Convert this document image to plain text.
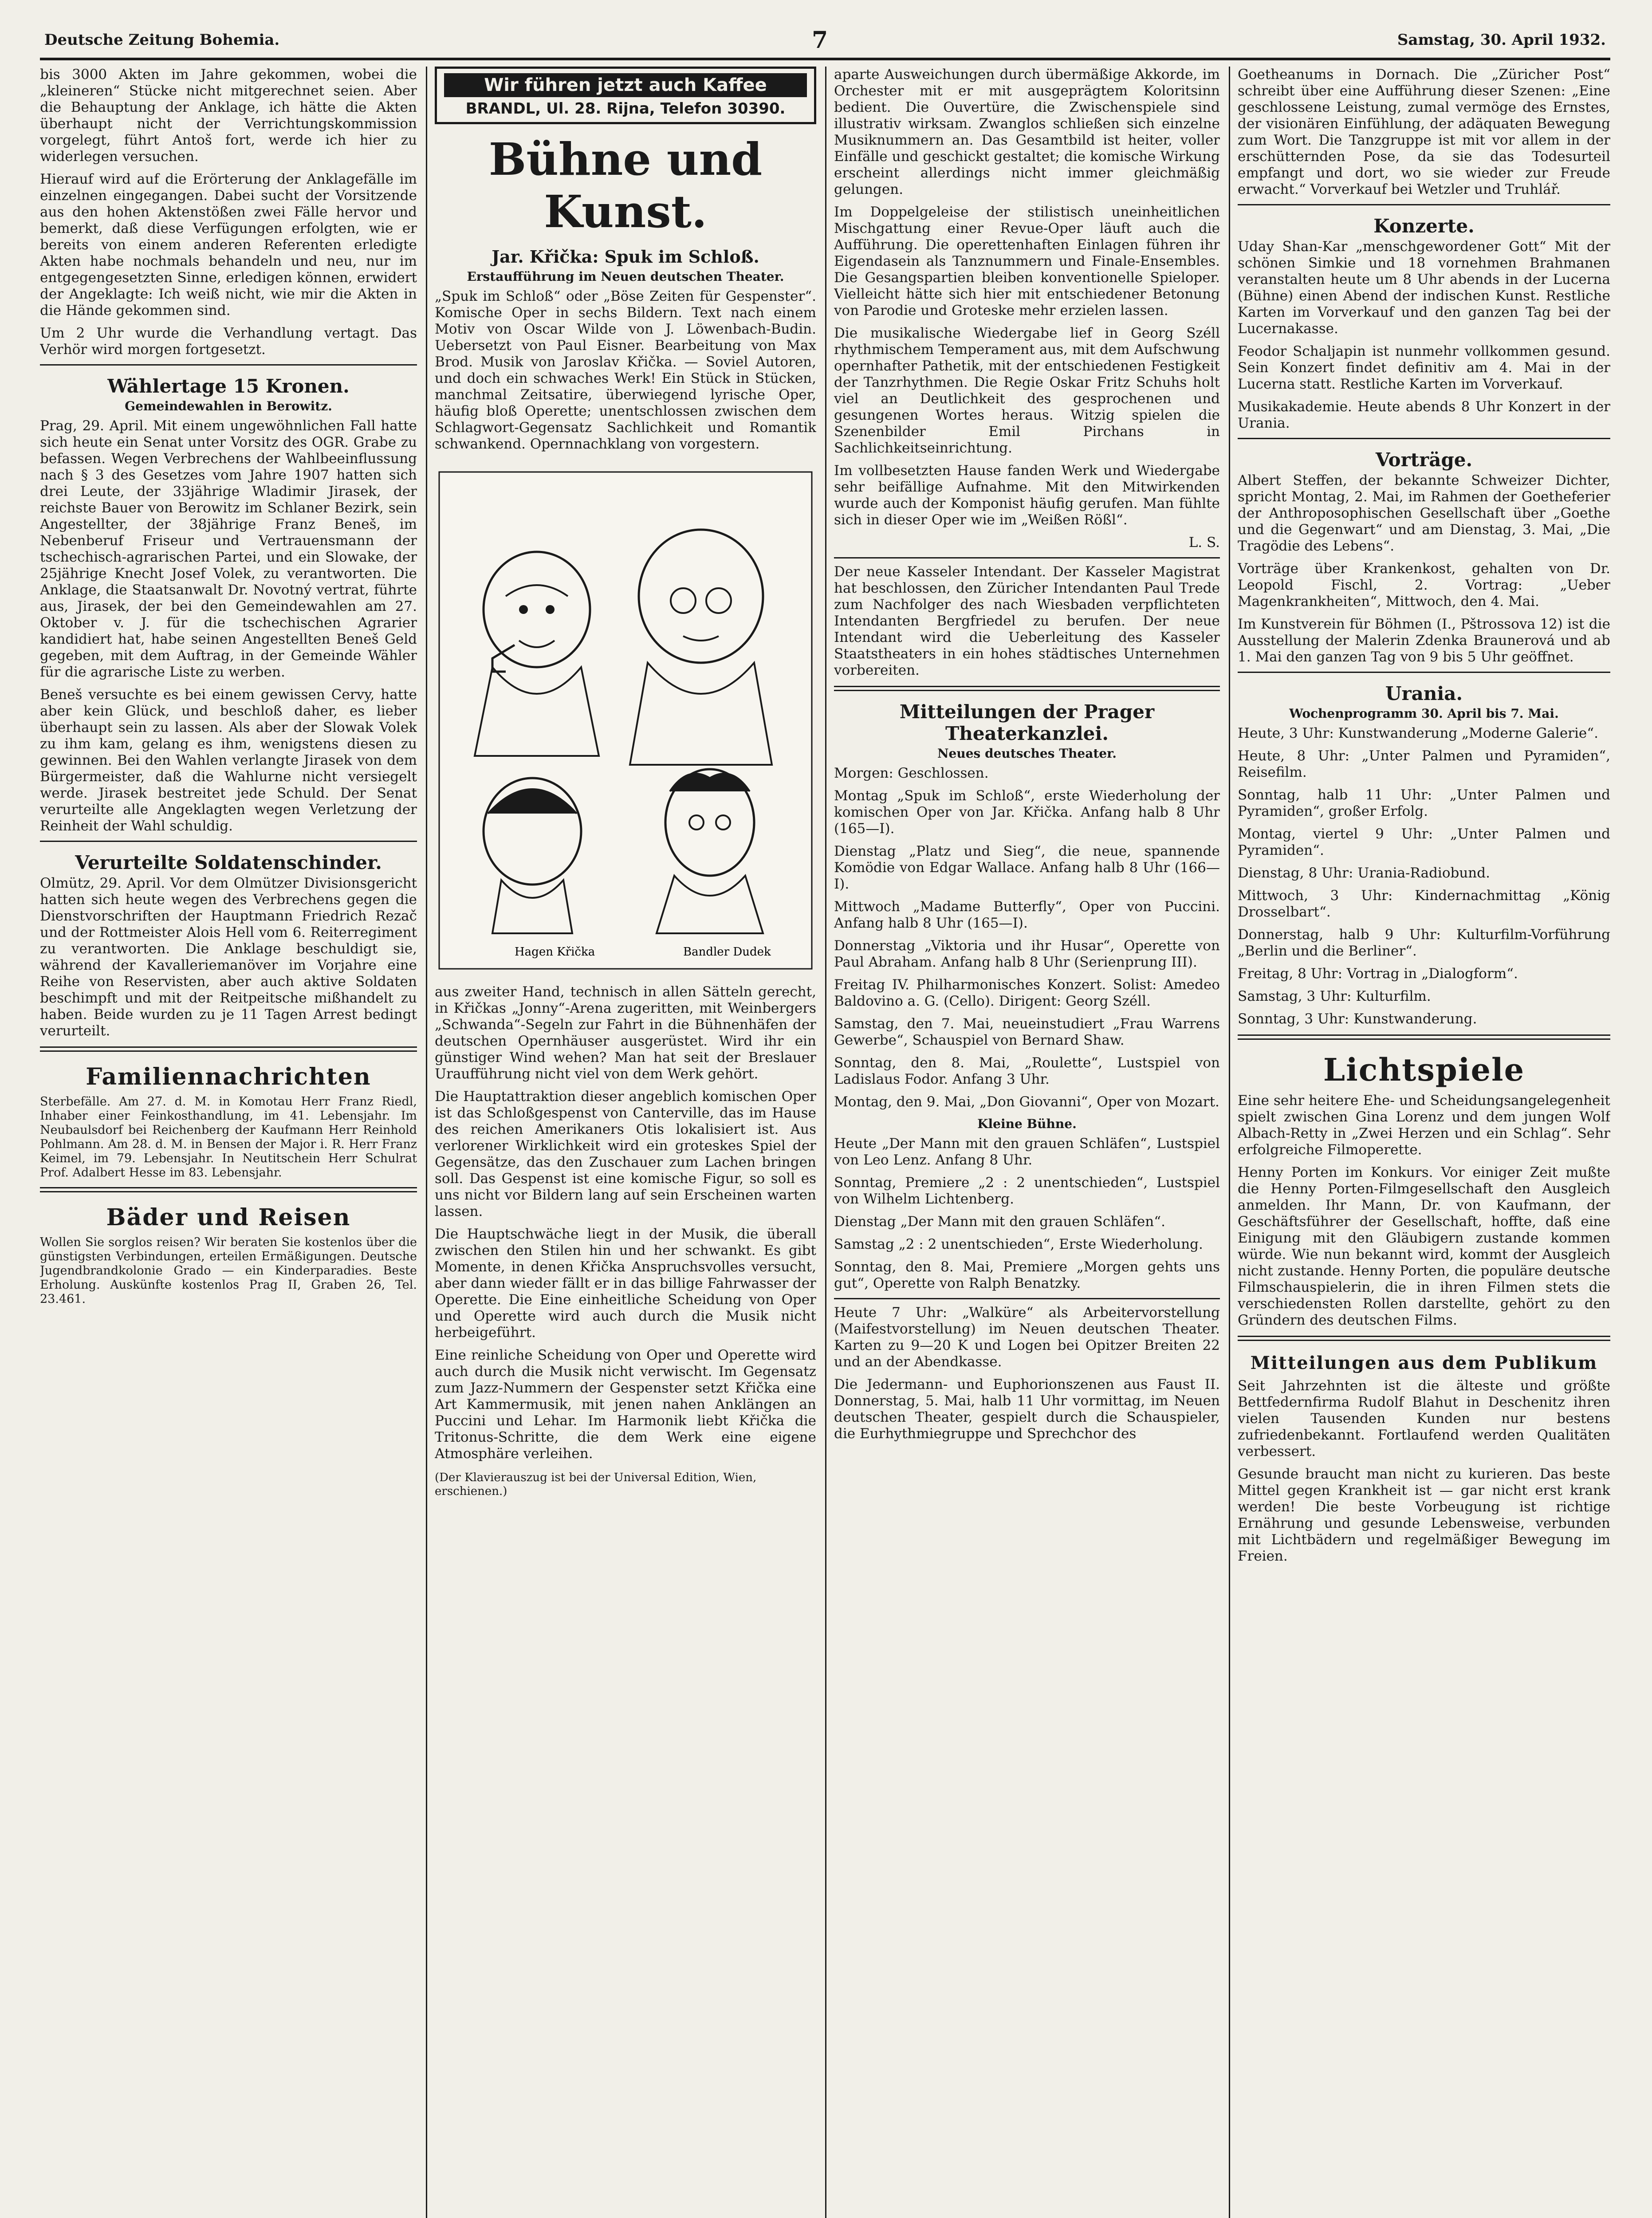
Deutsche Zeitung Bohemia.	7	Samstag, 30. April 1932.

bis 3000 Akten im Jahre gekommen, wobei die „kleineren“ Stücke nicht mitgerechnet seien. Aber die Behauptung der Anklage, ich hätte die Akten überhaupt nicht der Verrichtungskommission vorgelegt, führt Antoš fort, werde ich hier zu widerlegen versuchen.

Hierauf wird auf die Erörterung der Anklagefälle im einzelnen eingegangen. Dabei sucht der Vorsitzende aus den hohen Aktenstößen zwei Fälle hervor und bemerkt, daß diese Verfügungen erfolgten, wie er bereits von einem anderen Referenten erledigte Akten habe nochmals behandeln und neu, nur im entgegengesetzten Sinne, erledigen können, erwidert der Angeklagte: Ich weiß nicht, wie mir die Akten in die Hände gekommen sind.

Um 2 Uhr wurde die Verhandlung vertagt. Das Verhör wird morgen fortgesetzt.

Wählertage 15 Kronen.
Gemeindewahlen in Berowitz.

Prag, 29. April. Mit einem ungewöhnlichen Fall hatte sich heute ein Senat unter Vorsitz des OGR. Grabe zu befassen. Wegen Verbrechens der Wahlbeeinflussung nach § 3 des Gesetzes vom Jahre 1907 hatten sich drei Leute, der 33jährige Wladimir Jirasek, der reichste Bauer von Berowitz im Schlaner Bezirk, sein Angestellter, der 38jährige Franz Beneš, im Nebenberuf Friseur und Vertrauensmann der tschechisch-agrarischen Partei, und ein Slowake, der 25jährige Knecht Josef Volek, zu verantworten. Die Anklage, die Staatsanwalt Dr. Novotný vertrat, führte aus, Jirasek, der bei den Gemeindewahlen am 27. Oktober v. J. für die tschechischen Agrarier kandidiert hat, habe seinen Angestellten Beneš Geld gegeben, mit dem Auftrag, in der Gemeinde Wähler für die agrarische Liste zu werben.

Beneš versuchte es bei einem gewissen Cervy, hatte aber kein Glück, und beschloß daher, es lieber überhaupt sein zu lassen. Als aber der Slowak Volek zu ihm kam, gelang es ihm, wenigstens diesen zu gewinnen. Bei den Wahlen verlangte Jirasek von dem Bürgermeister, daß die Wahlurne nicht versiegelt werde. Jirasek bestreitet jede Schuld. Der Senat verurteilte alle Angeklagten wegen Verletzung der Reinheit der Wahl schuldig.

Verurteilte Soldatenschinder.

Olmütz, 29. April. Vor dem Olmützer Divisionsgericht hatten sich heute wegen des Verbrechens gegen die Dienstvorschriften der Hauptmann Friedrich Rezač und der Rottmeister Alois Hell vom 6. Reiterregiment zu verantworten. Die Anklage beschuldigt sie, während der Kavalleriemanöver im Vorjahre eine Reihe von Reservisten, aber auch aktive Soldaten beschimpft und mit der Reitpeitsche mißhandelt zu haben. Beide wurden zu je 11 Tagen Arrest bedingt verurteilt.

Familiennachrichten

Sterbefälle. Am 27. d. M. in Komotau Herr Franz Riedl, Inhaber einer Feinkosthandlung, im 41. Lebensjahr. Im Neubaulsdorf bei Reichenberg der Kaufmann Herr Reinhold Pohlmann. Am 28. d. M. in Bensen der Major i. R. Herr Franz Keimel, im 79. Lebensjahr. In Neutitschein Herr Schulrat Prof. Adalbert Hesse im 83. Lebensjahr.

Bäder und Reisen

Wollen Sie sorglos reisen? Wir beraten Sie kostenlos über die günstigsten Verbindungen, erteilen Ermäßigungen. Deutsche Jugendbrandkolonie Grado — ein Kinderparadies. Beste Erholung. Auskünfte kostenlos Prag II, Graben 26, Tel. 23.461.

Wir führen jetzt auch Kaffee
BRANDL, Ul. 28. Rijna, Telefon 30390.
Bühne und Kunst.
Jar. Křička: Spuk im Schloß.
Erstaufführung im Neuen deutschen Theater.

„Spuk im Schloß“ oder „Böse Zeiten für Gespenster“. Komische Oper in sechs Bildern. Text nach einem Motiv von Oscar Wilde von J. Löwenbach-Budin. Uebersetzt von Paul Eisner. Bearbeitung von Max Brod. Musik von Jaroslav Křička. — Soviel Autoren, und doch ein schwaches Werk! Ein Stück in Stücken, manchmal Zeitsatire, überwiegend lyrische Oper, häufig bloß Operette; unentschlossen zwischen dem Schlagwort-Gegensatz Sachlichkeit und Romantik schwankend. Opernnachklang von vorgestern.

Hagen Křička	Bandler Dudek

aus zweiter Hand, technisch in allen Sätteln gerecht, in Křičkas „Jonny“-Arena zugeritten, mit Weinbergers „Schwanda“-Segeln zur Fahrt in die Bühnenhäfen der deutschen Opernhäuser ausgerüstet. Wird ihr ein günstiger Wind wehen? Man hat seit der Breslauer Uraufführung nicht viel von dem Werk gehört.

Die Hauptattraktion dieser angeblich komischen Oper ist das Schloßgespenst von Canterville, das im Hause des reichen Amerikaners Otis lokalisiert ist. Aus verlorener Wirklichkeit wird ein groteskes Spiel der Gegensätze, das den Zuschauer zum Lachen bringen soll. Das Gespenst ist eine komische Figur, so soll es uns nicht vor Bildern lang auf sein Erscheinen warten lassen.

Die Hauptschwäche liegt in der Musik, die überall zwischen den Stilen hin und her schwankt. Es gibt Momente, in denen Křička Anspruchsvolles versucht, aber dann wieder fällt er in das billige Fahrwasser der Operette. Die Eine einheitliche Scheidung von Oper und Operette wird auch durch die Musik nicht herbeigeführt.

Eine reinliche Scheidung von Oper und Operette wird auch durch die Musik nicht verwischt. Im Gegensatz zum Jazz-Nummern der Gespenster setzt Křička eine Art Kammermusik, mit jenen nahen Anklängen an Puccini und Lehar. Im Harmonik liebt Křička die Tritonus-Schritte, die dem Werk eine eigene Atmosphäre verleihen.

(Der Klavierauszug ist bei der Universal Edition, Wien, erschienen.)

aparte Ausweichungen durch übermäßige Akkorde, im Orchester mit er mit ausgeprägtem Koloritsinn bedient. Die Ouvertüre, die Zwischenspiele sind illustrativ wirksam. Zwanglos schließen sich einzelne Musiknummern an. Das Gesamtbild ist heiter, voller Einfälle und geschickt gestaltet; die komische Wirkung erscheint allerdings nicht immer gleichmäßig gelungen.

Im Doppelgeleise der stilistisch uneinheitlichen Mischgattung einer Revue-Oper läuft auch die Aufführung. Die operettenhaften Einlagen führen ihr Eigendasein als Tanznummern und Finale-Ensembles. Die Gesangspartien bleiben konventionelle Spieloper. Vielleicht hätte sich hier mit entschiedener Betonung von Parodie und Groteske mehr erzielen lassen.

Die musikalische Wiedergabe lief in Georg Széll rhythmischem Temperament aus, mit dem Aufschwung opernhafter Pathetik, mit der entschiedenen Festigkeit der Tanzrhythmen. Die Regie Oskar Fritz Schuhs holt viel an Deutlichkeit des gesprochenen und gesungenen Wortes heraus. Witzig spielen die Szenenbilder Emil Pirchans in Sachlichkeitseinrichtung.

Im vollbesetzten Hause fanden Werk und Wiedergabe sehr beifällige Aufnahme. Mit den Mitwirkenden wurde auch der Komponist häufig gerufen. Man fühlte sich in dieser Oper wie im „Weißen Rößl“.

L. S.

Der neue Kasseler Intendant. Der Kasseler Magistrat hat beschlossen, den Züricher Intendanten Paul Trede zum Nachfolger des nach Wiesbaden verpflichteten Intendanten Bergfriedel zu berufen. Der neue Intendant wird die Ueberleitung des Kasseler Staatstheaters in ein hohes städtisches Unternehmen vorbereiten.

Mitteilungen der Prager Theaterkanzlei.
Neues deutsches Theater.

Morgen: Geschlossen.

Montag „Spuk im Schloß“, erste Wiederholung der komischen Oper von Jar. Křička. Anfang halb 8 Uhr (165—I).

Dienstag „Platz und Sieg“, die neue, spannende Komödie von Edgar Wallace. Anfang halb 8 Uhr (166—I).

Mittwoch „Madame Butterfly“, Oper von Puccini. Anfang halb 8 Uhr (165—I).

Donnerstag „Viktoria und ihr Husar“, Operette von Paul Abraham. Anfang halb 8 Uhr (Serienprung III).

Freitag IV. Philharmonisches Konzert. Solist: Amedeo Baldovino a. G. (Cello). Dirigent: Georg Széll.

Samstag, den 7. Mai, neueinstudiert „Frau Warrens Gewerbe“, Schauspiel von Bernard Shaw.

Sonntag, den 8. Mai, „Roulette“, Lustspiel von Ladislaus Fodor. Anfang 3 Uhr.

Montag, den 9. Mai, „Don Giovanni“, Oper von Mozart.

Kleine Bühne.

Heute „Der Mann mit den grauen Schläfen“, Lustspiel von Leo Lenz. Anfang 8 Uhr.

Sonntag, Premiere „2 : 2 unentschieden“, Lustspiel von Wilhelm Lichtenberg.

Dienstag „Der Mann mit den grauen Schläfen“.

Samstag „2 : 2 unentschieden“, Erste Wiederholung.

Sonntag, den 8. Mai, Premiere „Morgen gehts uns gut“, Operette von Ralph Benatzky.

Heute 7 Uhr: „Walküre“ als Arbeitervorstellung (Maifestvorstellung) im Neuen deutschen Theater. Karten zu 9—20 K und Logen bei Opitzer Breiten 22 und an der Abendkasse.

Die Jedermann- und Euphorionszenen aus Faust II. Donnerstag, 5. Mai, halb 11 Uhr vormittag, im Neuen deutschen Theater, gespielt durch die Schauspieler, die Eurhythmiegruppe und Sprechchor des

Goetheanums in Dornach. Die „Züricher Post“ schreibt über eine Aufführung dieser Szenen: „Eine geschlossene Leistung, zumal vermöge des Ernstes, der visionären Einfühlung, der adäquaten Bewegung zum Wort. Die Tanzgruppe ist mit vor allem in der erschütternden Pose, da sie das Todesurteil empfangt und dort, wo sie wieder zur Freude erwacht.“ Vorverkauf bei Wetzler und Truhlář.

Konzerte.

Uday Shan-Kar „menschgewordener Gott“ Mit der schönen Simkie und 18 vornehmen Brahmanen veranstalten heute um 8 Uhr abends in der Lucerna (Bühne) einen Abend der indischen Kunst. Restliche Karten im Vorverkauf und den ganzen Tag bei der Lucernakasse.

Feodor Schaljapin ist nunmehr vollkommen gesund. Sein Konzert findet definitiv am 4. Mai in der Lucerna statt. Restliche Karten im Vorverkauf.

Musikakademie. Heute abends 8 Uhr Konzert in der Urania.

Vorträge.

Albert Steffen, der bekannte Schweizer Dichter, spricht Montag, 2. Mai, im Rahmen der Goetheferier der Anthroposophischen Gesellschaft über „Goethe und die Gegenwart“ und am Dienstag, 3. Mai, „Die Tragödie des Lebens“.

Vorträge über Krankenkost, gehalten von Dr. Leopold Fischl, 2. Vortrag: „Ueber Magenkrankheiten“, Mittwoch, den 4. Mai.

Im Kunstverein für Böhmen (I., Pštrossova 12) ist die Ausstellung der Malerin Zdenka Braunerová und ab 1. Mai den ganzen Tag von 9 bis 5 Uhr geöffnet.

Urania.
Wochenprogramm 30. April bis 7. Mai.

Heute, 3 Uhr: Kunstwanderung „Moderne Galerie“.

Heute, 8 Uhr: „Unter Palmen und Pyramiden“, Reisefilm.

Sonntag, halb 11 Uhr: „Unter Palmen und Pyramiden“, großer Erfolg.

Montag, viertel 9 Uhr: „Unter Palmen und Pyramiden“.

Dienstag, 8 Uhr: Urania-Radiobund.

Mittwoch, 3 Uhr: Kindernachmittag „König Drosselbart“.

Donnerstag, halb 9 Uhr: Kulturfilm-Vorführung „Berlin und die Berliner“.

Freitag, 8 Uhr: Vortrag in „Dialogform“.

Samstag, 3 Uhr: Kulturfilm.

Sonntag, 3 Uhr: Kunstwanderung.

Lichtspiele

Eine sehr heitere Ehe- und Scheidungsangelegenheit spielt zwischen Gina Lorenz und dem jungen Wolf Albach-Retty in „Zwei Herzen und ein Schlag“. Sehr erfolgreiche Filmoperette.

Henny Porten im Konkurs. Vor einiger Zeit mußte die Henny Porten-Filmgesellschaft den Ausgleich anmelden. Ihr Mann, Dr. von Kaufmann, der Geschäftsführer der Gesellschaft, hoffte, daß eine Einigung mit den Gläubigern zustande kommen würde. Wie nun bekannt wird, kommt der Ausgleich nicht zustande. Henny Porten, die populäre deutsche Filmschauspielerin, die in ihren Filmen stets die verschiedensten Rollen darstellte, gehört zu den Gründern des deutschen Films.

Mitteilungen aus dem Publikum

Seit Jahrzehnten ist die älteste und größte Bettfedernfirma Rudolf Blahut in Deschenitz ihren vielen Tausenden Kunden nur bestens zufriedenbekannt. Fortlaufend werden Qualitäten verbessert.

Gesunde braucht man nicht zu kurieren. Das beste Mittel gegen Krankheit ist — gar nicht erst krank werden! Die beste Vorbeugung ist richtige Ernährung und gesunde Lebensweise, verbunden mit Lichtbädern und regelmäßiger Bewegung im Freien.
